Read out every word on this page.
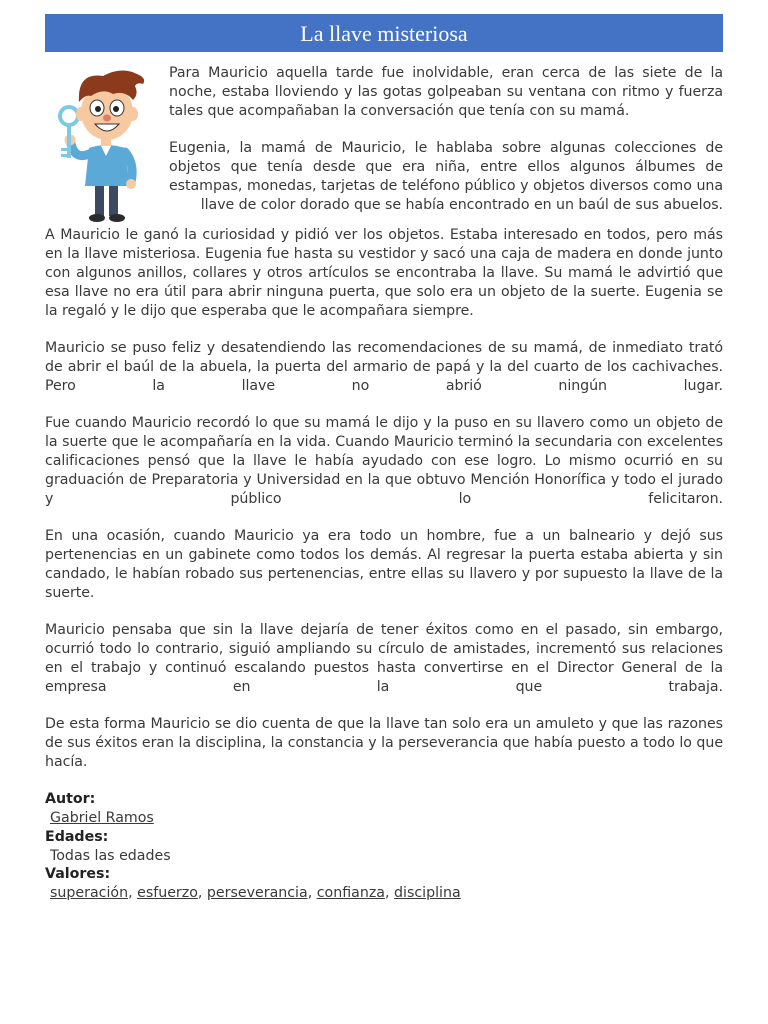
La llave misteriosa

Para Mauricio aquella tarde fue inolvidable, eran cerca de las siete de la noche, estaba lloviendo y las gotas golpeaban su ventana con ritmo y fuerza tales que acompañaban la conversación que tenía con su mamá.

Eugenia, la mamá de Mauricio, le hablaba sobre algunas colecciones de objetos que tenía desde que era niña, entre ellos algunos álbumes de estampas, monedas, tarjetas de teléfono público y objetos diversos como una llave de color dorado que se había encontrado en un baúl de sus abuelos.

A Mauricio le ganó la curiosidad y pidió ver los objetos. Estaba interesado en todos, pero más en la llave misteriosa. Eugenia fue hasta su vestidor y sacó una caja de madera en donde junto con algunos anillos, collares y otros artículos se encontraba la llave. Su mamá le advirtió que esa llave no era útil para abrir ninguna puerta, que solo era un objeto de la suerte. Eugenia se la regaló y le dijo que esperaba que le acompañara siempre.

Mauricio se puso feliz y desatendiendo las recomendaciones de su mamá, de inmediato trató de abrir el baúl de la abuela, la puerta del armario de papá y la del cuarto de los cachivaches. Pero la llave no abrió ningún lugar.

Fue cuando Mauricio recordó lo que su mamá le dijo y la puso en su llavero como un objeto de la suerte que le acompañaría en la vida. Cuando Mauricio terminó la secundaria con excelentes calificaciones pensó que la llave le había ayudado con ese logro. Lo mismo ocurrió en su graduación de Preparatoria y Universidad en la que obtuvo Mención Honorífica y todo el jurado y público lo felicitaron.

En una ocasión, cuando Mauricio ya era todo un hombre, fue a un balneario y dejó sus pertenencias en un gabinete como todos los demás. Al regresar la puerta estaba abierta y sin candado, le habían robado sus pertenencias, entre ellas su llavero y por supuesto la llave de la suerte.

Mauricio pensaba que sin la llave dejaría de tener éxitos como en el pasado, sin embargo, ocurrió todo lo contrario, siguió ampliando su círculo de amistades, incrementó sus relaciones en el trabajo y continuó escalando puestos hasta convertirse en el Director General de la empresa en la que trabaja.

De esta forma Mauricio se dio cuenta de que la llave tan solo era un amuleto y que las razones de sus éxitos eran la disciplina, la constancia y la perseverancia que había puesto a todo lo que hacía.

Autor:
Gabriel Ramos
Edades:
Todas las edades
Valores:
superación, esfuerzo, perseverancia, confianza, disciplina
